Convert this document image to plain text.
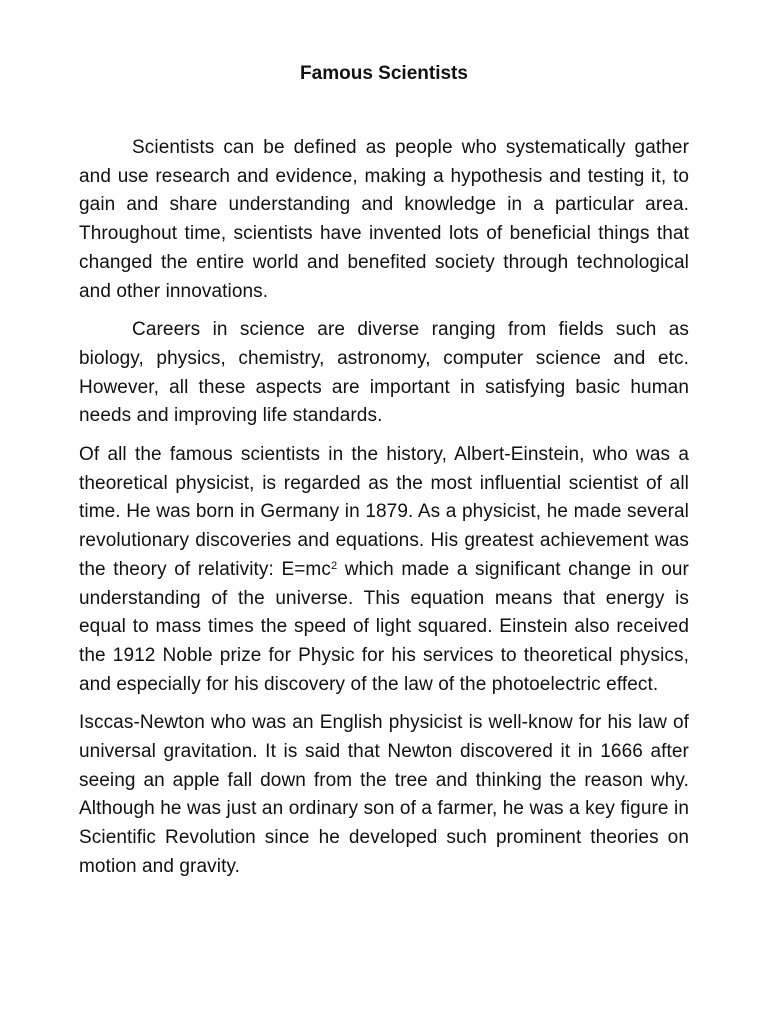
Famous Scientists

Scientists can be defined as people who systematically gather and use research and evidence, making a hypothesis and testing it, to gain and share understanding and knowledge in a particular area. Throughout time, scientists have invented lots of beneficial things that changed the entire world and benefited society through technological and other innovations.

Careers in science are diverse ranging from fields such as biology, physics, chemistry, astronomy, computer science and etc. However, all these aspects are important in satisfying basic human needs and improving life standards.

Of all the famous scientists in the history, Albert-Einstein, who was a theoretical physicist, is regarded as the most influential scientist of all time. He was born in Germany in 1879. As a physicist, he made several revolutionary discoveries and equations. His greatest achievement was the theory of relativity: $E=mc^2$ which made a significant change in our understanding of the universe. This equation means that energy is equal to mass times the speed of light squared. Einstein also received the 1912 Noble prize for Physic for his services to theoretical physics, and especially for his discovery of the law of the photoelectric effect.

Isccas-Newton who was an English physicist is well-know for his law of universal gravitation. It is said that Newton discovered it in 1666 after seeing an apple fall down from the tree and thinking the reason why. Although he was just an ordinary son of a farmer, he was a key figure in Scientific Revolution since he developed such prominent theories on motion and gravity.
